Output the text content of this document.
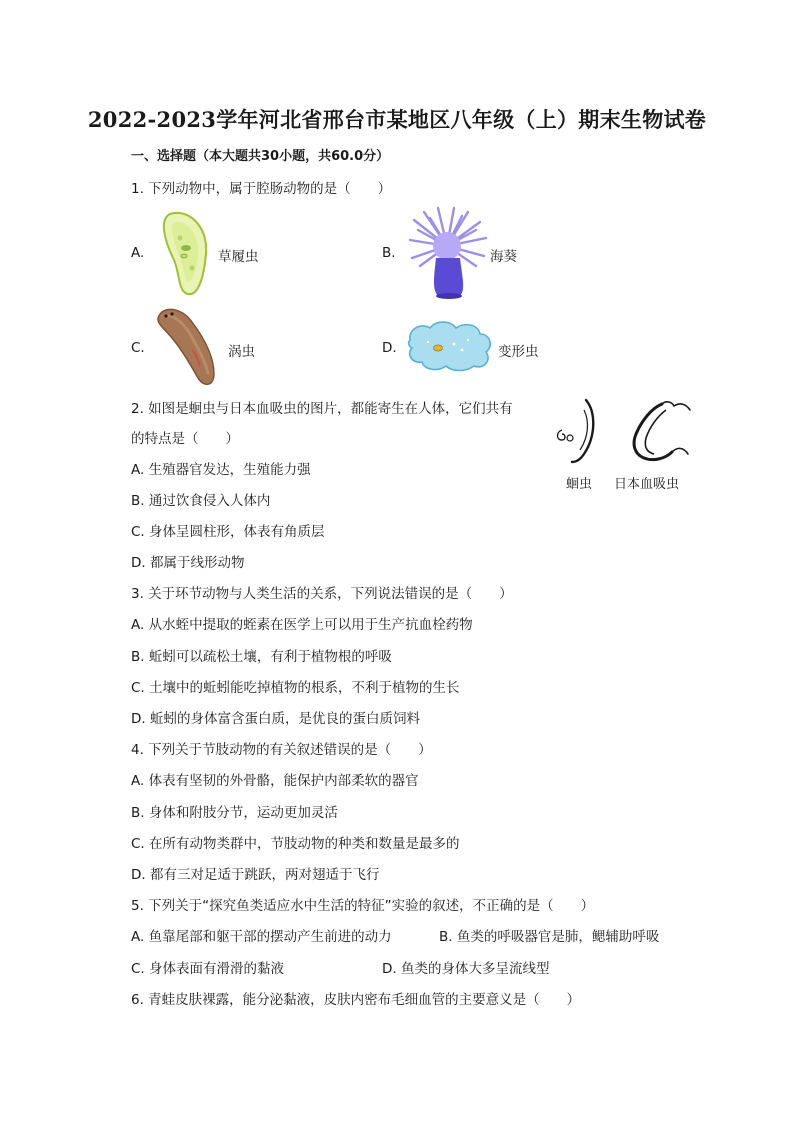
2022-2023学年河北省邢台市某地区八年级（上）期末生物试卷
一、选择题（本大题共30小题，共60.0分）
1. 下列动物中，属于腔肠动物的是（　　）
A.	草履虫	B.	海葵
C.	涡虫	D.	变形虫
2. 如图是蛔虫与日本血吸虫的图片，都能寄生在人体，它们共有
的特点是（　　）
蛔虫 日本血吸虫
A. 生殖器官发达，生殖能力强
B. 通过饮食侵入人体内
C. 身体呈圆柱形，体表有角质层
D. 都属于线形动物
3. 关于环节动物与人类生活的关系，下列说法错误的是（　　）
A. 从水蛭中提取的蛭素在医学上可以用于生产抗血栓药物
B. 蚯蚓可以疏松土壤，有利于植物根的呼吸
C. 土壤中的蚯蚓能吃掉植物的根系，不利于植物的生长
D. 蚯蚓的身体富含蛋白质，是优良的蛋白质饲料
4. 下列关于节肢动物的有关叙述错误的是（　　）
A. 体表有坚韧的外骨骼，能保护内部柔软的器官
B. 身体和附肢分节，运动更加灵活
C. 在所有动物类群中，节肢动物的种类和数量是最多的
D. 都有三对足适于跳跃，两对翅适于飞行
5. 下列关于“探究鱼类适应水中生活的特征”实验的叙述，不正确的是（　　）
A. 鱼靠尾部和躯干部的摆动产生前进的动力	B. 鱼类的呼吸器官是肺，鳃辅助呼吸
C. 身体表面有滑滑的黏液	D. 鱼类的身体大多呈流线型
6. 青蛙皮肤裸露，能分泌黏液，皮肤内密布毛细血管的主要意义是（　　）
